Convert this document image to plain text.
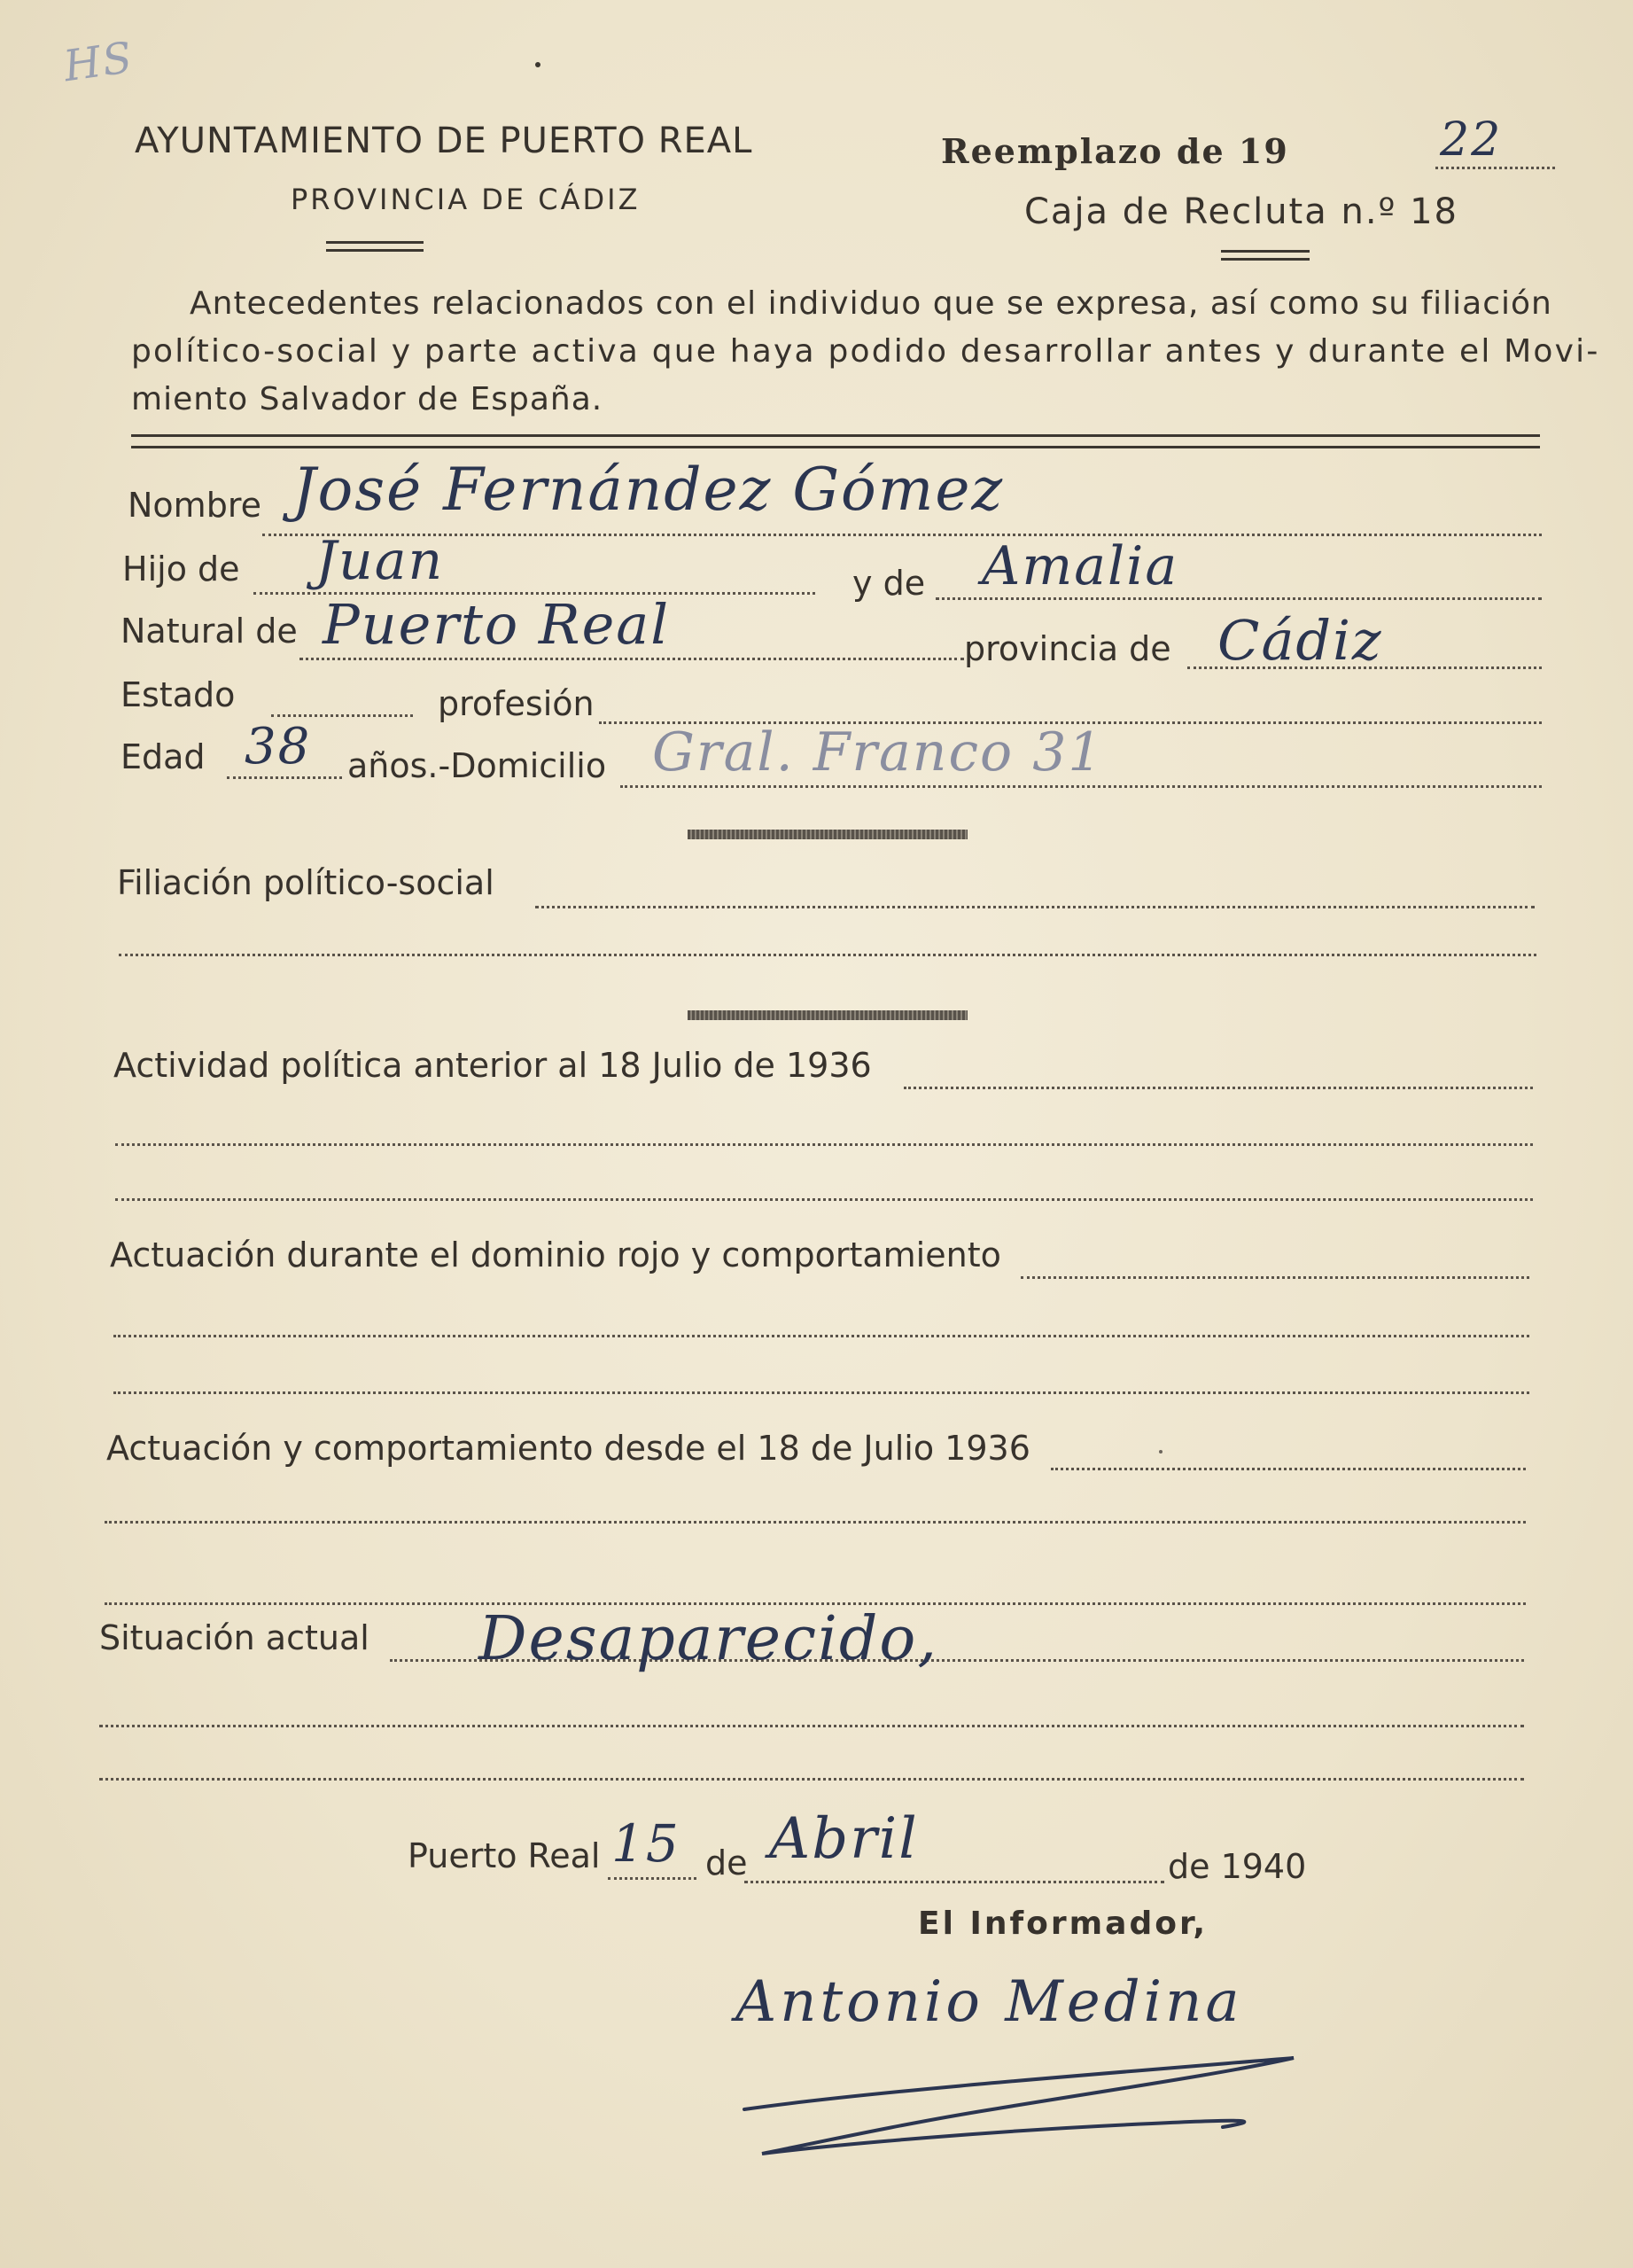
HS
AYUNTAMIENTO DE PUERTO REAL
PROVINCIA DE CÁDIZ
Reemplazo de 19	22
Caja de Recluta n.º 18
Antecedentes relacionados con el individuo que se expresa, así como su filiación
político-social y parte activa que haya podido desarrollar antes y durante el Movi-
miento Salvador de España.
Nombre José Fernández Gómez
Hijo de Juan	y de Amalia
Natural de Puerto Real	provincia de Cádiz
Estado	profesión
Edad 38 años.-Domicilio Gral. Franco 31
Filiación político-social
Actividad política anterior al 18 Julio de 1936
Actuación durante el dominio rojo y comportamiento
Actuación y comportamiento desde el 18 de Julio 1936
Situación actual Desaparecido,
Puerto Real 15 de Abril	de 1940
El Informador,
Antonio Medina
